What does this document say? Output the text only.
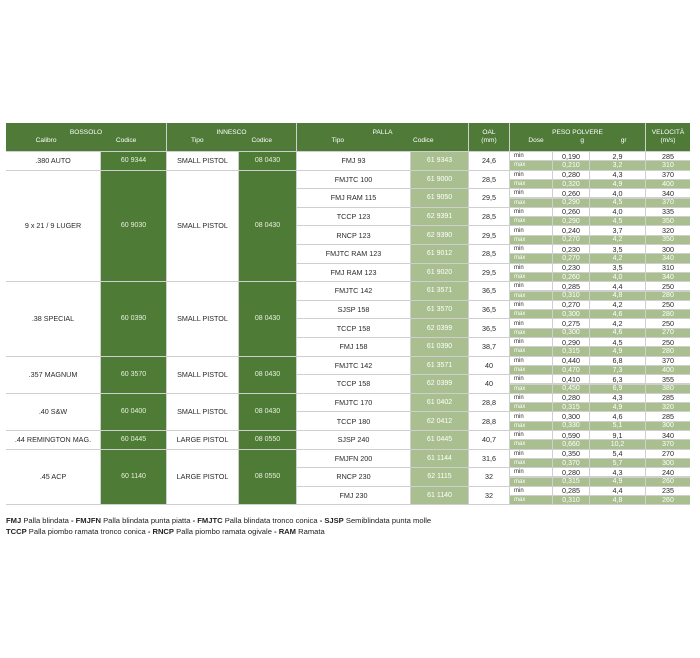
BOSSOLO
Calibro	Codice
INNESCO
Tipo	Codice
PALLA
Tipo	Codice
OAL
(mm)
PESO POLVERE
Dose	g	gr
VELOCITÀ
(m/s)
.380 AUTO	60 9344	SMALL PISTOL	08 0430	FMJ 93	61 9343	24,6
min	0,190	2,9	285
max	0,210	3,2	310
9 x 21 / 9 LUGER	60 9030	SMALL PISTOL	08 0430
FMJTC 100	61 9000	28,5
min	0,280	4,3	370
max	0,320	4,9	400
FMJ RAM 115	61 9050	29,5
min	0,260	4,0	340
max	0,290	4,5	370
TCCP 123	62 9391	28,5
min	0,260	4,0	335
max	0,290	4,5	350
RNCP 123	62 9390	29,5
min	0,240	3,7	320
max	0,270	4,2	350
FMJTC RAM 123	61 9012	28,5
min	0,230	3,5	300
max	0,270	4,2	340
FMJ RAM 123	61 9020	29,5
min	0,230	3,5	310
max	0,260	4,0	340
.38 SPECIAL	60 0390	SMALL PISTOL	08 0430
FMJTC 142	61 3571	36,5
min	0,285	4,4	250
max	0,310	4,8	280
SJSP 158	61 3570	36,5
min	0,270	4,2	250
max	0,300	4,6	280
TCCP 158	62 0399	36,5
min	0,275	4,2	250
max	0,300	4,6	270
FMJ 158	61 0390	38,7
min	0,290	4,5	250
max	0,315	4,9	280
.357 MAGNUM	60 3570	SMALL PISTOL	08 0430
FMJTC 142	61 3571	40
min	0,440	6,8	370
max	0,470	7,3	400
TCCP 158	62 0399	40
min	0,410	6,3	355
max	0,450	6,9	380
.40 S&W	60 0400	SMALL PISTOL	08 0430
FMJTC 170	61 0402	28,8
min	0,280	4,3	285
max	0,315	4,9	320
TCCP 180	62 0412	28,8
min	0,300	4,6	285
max	0,330	5,1	300
.44 REMINGTON MAG.	60 0445	LARGE PISTOL	08 0550	SJSP 240	61 0445	40,7
min	0,590	9,1	340
max	0,660	10,2	370
.45 ACP	60 1140	LARGE PISTOL	08 0550
FMJFN 200	61 1144	31,6
min	0,350	5,4	270
max	0,370	5,7	300
RNCP 230	62 1115	32
min	0,280	4,3	240
max	0,315	4,9	260
FMJ 230	61 1140	32
min	0,285	4,4	235
max	0,310	4,8	260
FMJ Palla blindata - FMJFN Palla blindata punta piatta - FMJTC Palla blindata tronco conica - SJSP Semiblindata punta molle
TCCP Palla piombo ramata tronco conica - RNCP Palla piombo ramata ogivale - RAM Ramata
